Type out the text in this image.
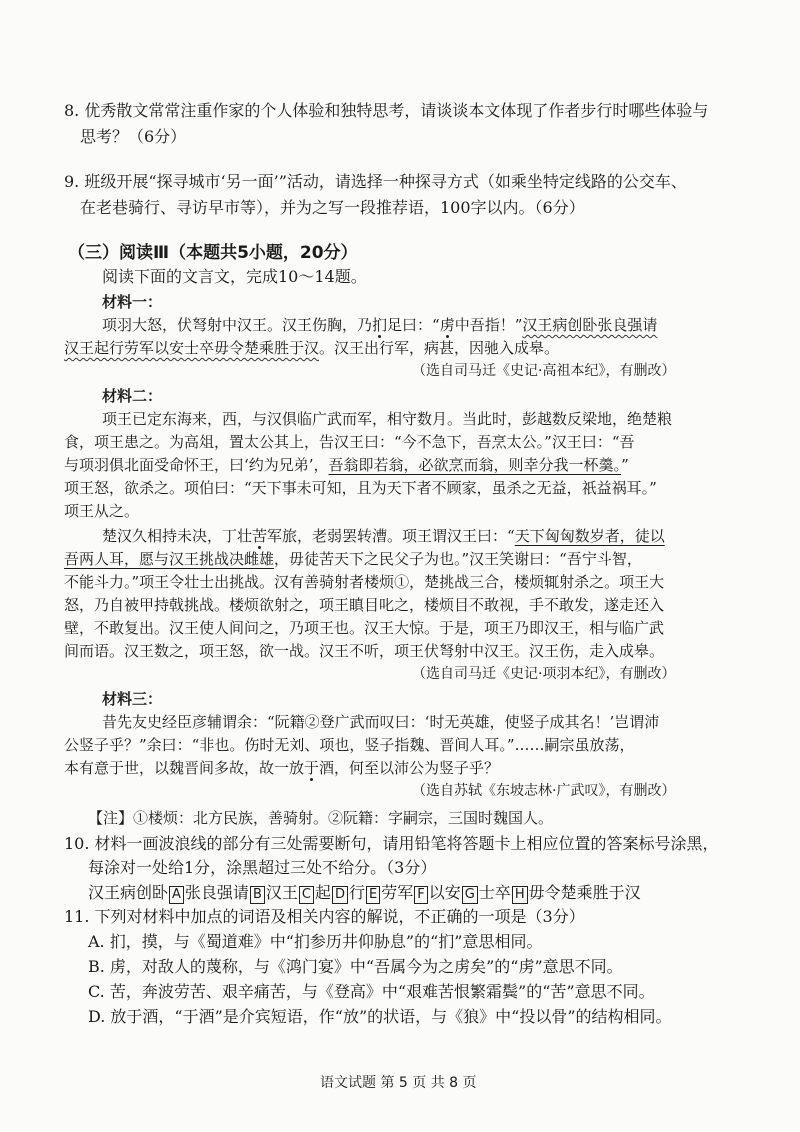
8. 优秀散文常常注重作家的个人体验和独特思考，请谈谈本文体现了作者步行时哪些体验与
思考？（6分）
9. 班级开展“探寻城市‘另一面’”活动，请选择一种探寻方式（如乘坐特定线路的公交车、
在老巷骑行、寻访早市等），并为之写一段推荐语，100字以内。（6分）
（三）阅读Ⅲ（本题共5小题，20分）
阅读下面的文言文，完成10～14题。
材料一：
项羽大怒，伏弩射中汉王。汉王伤胸，乃扪足曰：“虏中吾指！”汉王病创卧张良强请
汉王起行劳军以安士卒毋令楚乘胜于汉。汉王出行军，病甚，因驰入成皋。
（选自司马迁《史记·高祖本纪》，有删改）
材料二：
项王已定东海来，西，与汉俱临广武而军，相守数月。当此时，彭越数反梁地，绝楚粮
食，项王患之。为高俎，置太公其上，告汉王曰：“今不急下，吾烹太公。”汉王曰：“吾
与项羽俱北面受命怀王，曰‘约为兄弟’，吾翁即若翁，必欲烹而翁，则幸分我一杯羹。”
项王怒，欲杀之。项伯曰：“天下事未可知，且为天下者不顾家，虽杀之无益，祇益祸耳。”
项王从之。
楚汉久相持未决，丁壮苦军旅，老弱罢转漕。项王谓汉王曰：“天下匈匈数岁者，徒以
吾两人耳，愿与汉王挑战决雌雄，毋徒苦天下之民父子为也。”汉王笑谢曰：“吾宁斗智，
不能斗力。”项王令壮士出挑战。汉有善骑射者楼烦①，楚挑战三合，楼烦辄射杀之。项王大
怒，乃自被甲持戟挑战。楼烦欲射之，项王瞋目叱之，楼烦目不敢视，手不敢发，遂走还入
壁，不敢复出。汉王使人间问之，乃项王也。汉王大惊。于是，项王乃即汉王，相与临广武
间而语。汉王数之，项王怒，欲一战。汉王不听，项王伏弩射中汉王。汉王伤，走入成皋。
（选自司马迁《史记·项羽本纪》，有删改）
材料三：
昔先友史经臣彦辅谓余：“阮籍②登广武而叹曰：‘时无英雄，使竖子成其名！’岂谓沛
公竖子乎？”余曰：“非也。伤时无刘、项也，竖子指魏、晋间人耳。”……嗣宗虽放荡，
本有意于世，以魏晋间多故，故一放于酒，何至以沛公为竖子乎？
（选自苏轼《东坡志林·广武叹》，有删改）
【注】①楼烦：北方民族，善骑射。②阮籍：字嗣宗，三国时魏国人。
10. 材料一画波浪线的部分有三处需要断句，请用铅笔将答题卡上相应位置的答案标号涂黑，
每涂对一处给1分，涂黑超过三处不给分。（3分）
汉王病创卧 A 张良强请 B 汉王 C 起 D 行 E 劳军 F 以安 G 士卒 H 毋令楚乘胜于汉
11. 下列对材料中加点的词语及相关内容的解说，不正确的一项是（3分）
A. 扪，摸，与《蜀道难》中“扪参历井仰胁息”的“扪”意思相同。
B. 虏，对敌人的蔑称，与《鸿门宴》中“吾属今为之虏矣”的“虏”意思不同。
C. 苦，奔波劳苦、艰辛痛苦，与《登高》中“艰难苦恨繁霜鬓”的“苦”意思不同。
D. 放于酒，“于酒”是介宾短语，作“放”的状语，与《狼》中“投以骨”的结构相同。
语文试题 第 5 页 共 8 页
